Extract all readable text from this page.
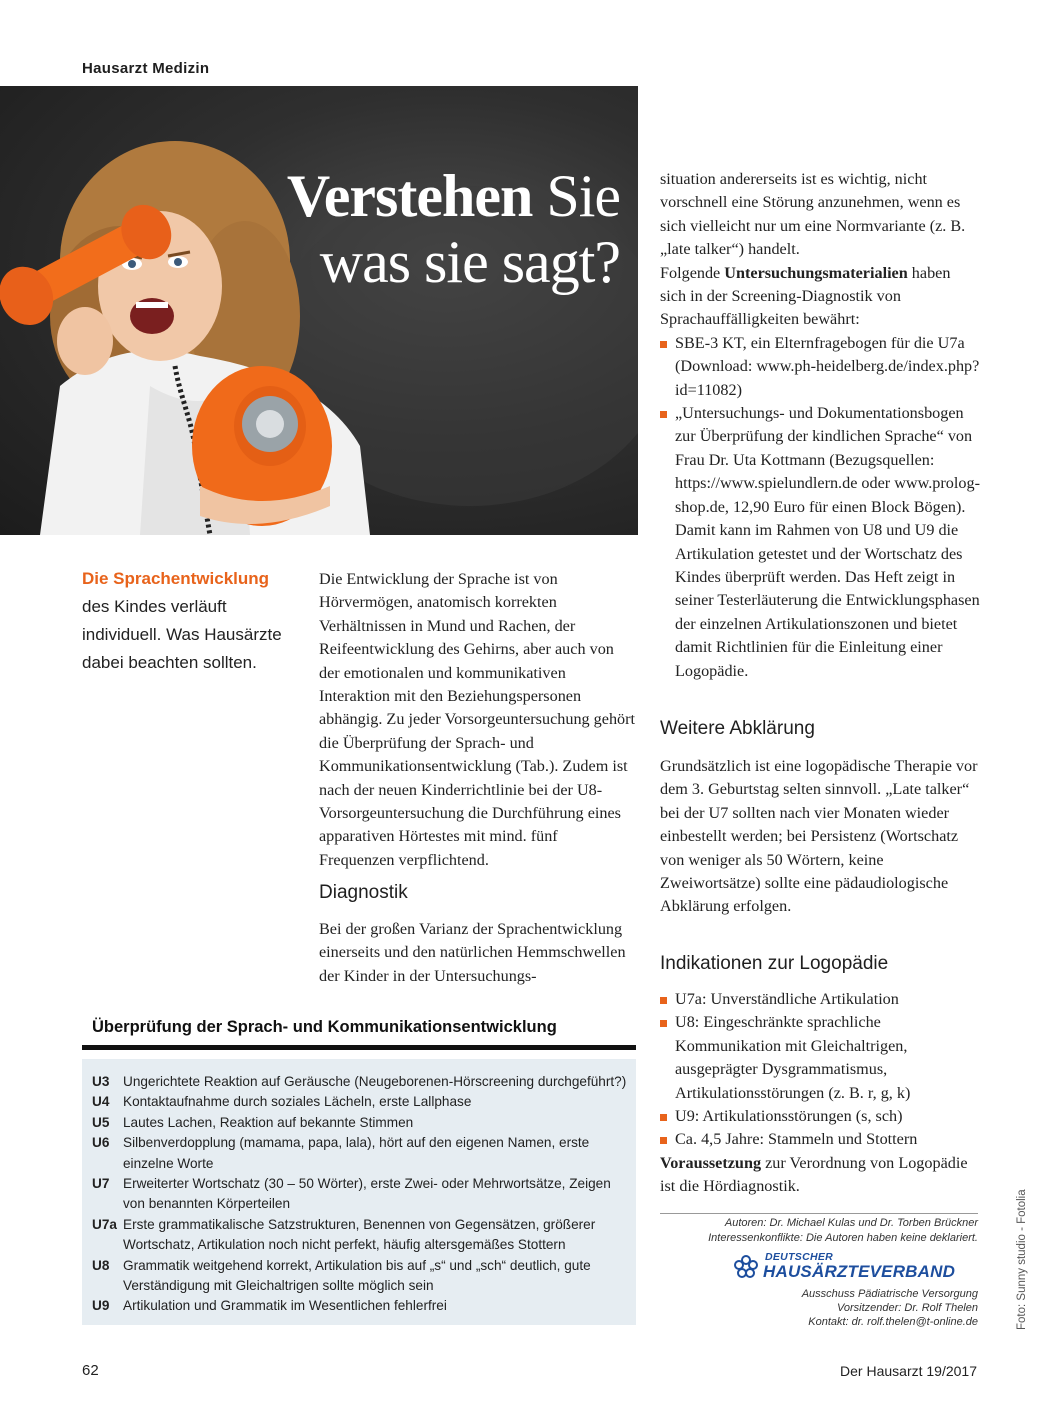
Hausarzt Medizin
Verstehen Sie
was sie sagt?
Die Sprachentwicklung des Kindes verläuft individuell. Was Hausärzte dabei beachten sollten.
Die Entwicklung der Sprache ist von Hörvermögen, anatomisch korrekten Verhältnissen in Mund und Rachen, der Reifeentwicklung des Gehirns, aber auch von der emotionalen und kommunikativen Interaktion mit den Beziehungspersonen abhängig. Zu jeder Vorsorgeuntersuchung gehört die Überprüfung der Sprach- und Kommunikationsentwicklung (Tab.). Zudem ist nach der neuen Kinderrichtlinie bei der U8-Vorsorgeuntersuchung die Durchführung eines apparativen Hörtestes mit mind. fünf Frequenzen verpflichtend.
Diagnostik
Bei der großen Varianz der Sprachentwicklung einerseits und den natürlichen Hemmschwellen der Kinder in der Untersuchungs-
situation andererseits ist es wichtig, nicht vorschnell eine Störung anzunehmen, wenn es sich vielleicht nur um eine Normvariante (z. B. „late talker“) handelt.
Folgende Untersuchungsmaterialien haben sich in der Screening-Diagnostik von Sprachauffälligkeiten bewährt:
SBE-3 KT, ein Elternfragebogen für die U7a (Download: www.ph-heidelberg.de/index.php?id=11082)
„Untersuchungs- und Dokumentationsbogen zur Überprüfung der kindlichen Sprache“ von Frau Dr. Uta Kottmann (Bezugsquellen: https://www.spielundlern.de oder www.prolog-shop.de, 12,90 Euro für einen Block Bögen). Damit kann im Rahmen von U8 und U9 die Artikulation getestet und der Wortschatz des Kindes überprüft werden. Das Heft zeigt in seiner Testerläuterung die Entwicklungsphasen der einzelnen Artikulationszonen und bietet damit Richtlinien für die Einleitung einer Logopädie.
Weitere Abklärung
Grundsätzlich ist eine logopädische Therapie vor dem 3. Geburtstag selten sinnvoll. „Late talker“ bei der U7 sollten nach vier Monaten wieder einbestellt werden; bei Persistenz (Wortschatz von weniger als 50 Wörtern, keine Zweiwortsätze) sollte eine pädaudiologische Abklärung erfolgen.
Indikationen zur Logopädie
U7a: Unverständliche Artikulation
U8: Eingeschränkte sprachliche Kommunikation mit Gleichaltrigen, ausgeprägter Dysgrammatismus, Artikulationsstörungen (z. B. r, g, k)
U9: Artikulationsstörungen (s, sch)
Ca. 4,5 Jahre: Stammeln und Stottern
Voraussetzung zur Verordnung von Logopädie ist die Hördiagnostik.
Überprüfung der Sprach- und Kommunikationsentwicklung
U3	Ungerichtete Reaktion auf Geräusche (Neugeborenen-Hörscreening durchgeführt?)
U4	Kontaktaufnahme durch soziales Lächeln, erste Lallphase
U5	Lautes Lachen, Reaktion auf bekannte Stimmen
U6	Silbenverdopplung (mamama, papa, lala), hört auf den eigenen Namen, erste einzelne Worte
U7	Erweiterter Wortschatz (30 – 50 Wörter), erste Zwei- oder Mehrwortsätze, Zeigen von benannten Körperteilen
U7a Erste grammatikalische Satzstrukturen, Benennen von Gegensätzen, größerer Wortschatz, Artikulation noch nicht perfekt, häufig altersgemäßes Stottern
U8	Grammatik weitgehend korrekt, Artikulation bis auf „s“ und „sch“ deutlich, gute Verständigung mit Gleichaltrigen sollte möglich sein
U9	Artikulation und Grammatik im Wesentlichen fehlerfrei
Autoren: Dr. Michael Kulas und Dr. Torben Brückner
Interessenkonflikte: Die Autoren haben keine deklariert.
DEUTSCHER
HAUSÄRZTEVERBAND
Ausschuss Pädiatrische Versorgung
Vorsitzender: Dr. Rolf Thelen
Kontakt: dr. rolf.thelen@t-online.de	Foto: Sunny studio - Fotolia
62	Der Hausarzt 19/2017
